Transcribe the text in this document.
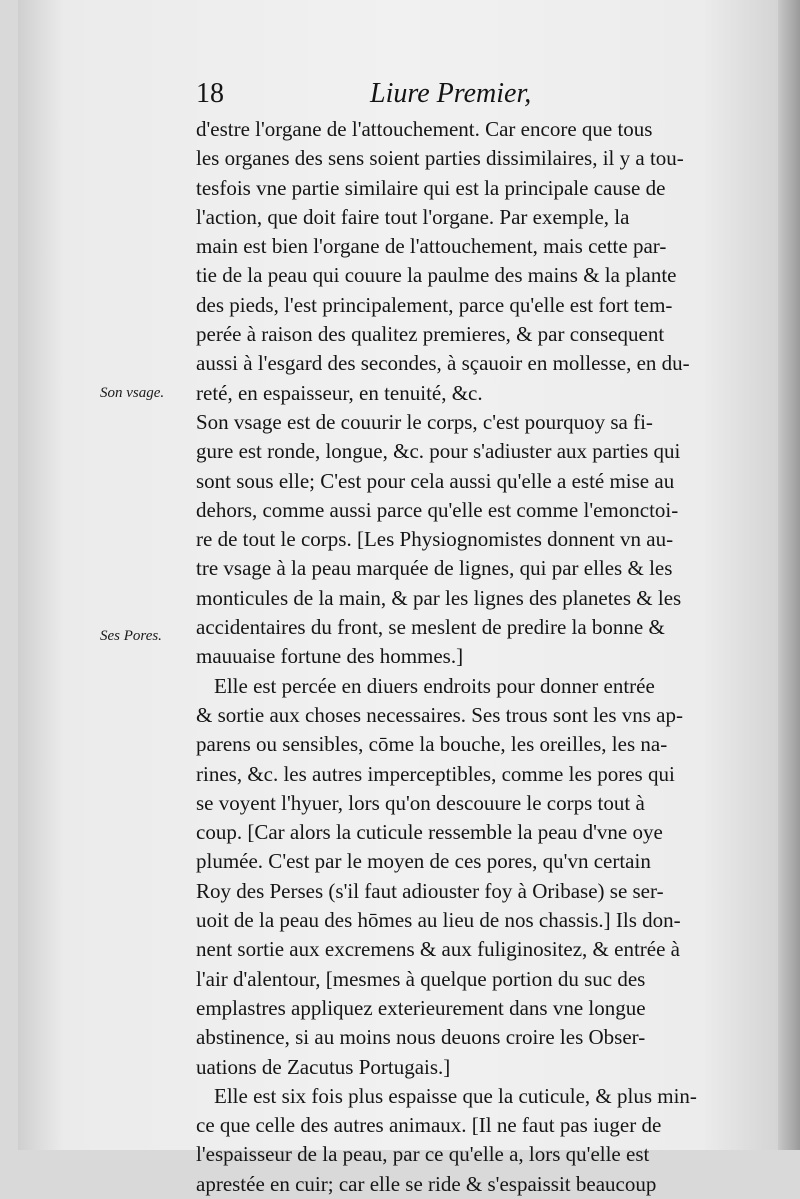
18	Liure Premier,
Son vsage.
Ses Pores.
d'estre l'organe de l'attouchement. Car encore que tous
les organes des sens soient parties dissimilaires, il y a tou-
tesfois vne partie similaire qui est la principale cause de
l'action, que doit faire tout l'organe. Par exemple, la
main est bien l'organe de l'attouchement, mais cette par-
tie de la peau qui couure la paulme des mains & la plante
des pieds, l'est principalement, parce qu'elle est fort tem-
perée à raison des qualitez premieres, & par consequent
aussi à l'esgard des secondes, à sçauoir en mollesse, en du-
reté, en espaisseur, en tenuité, &c.
Son vsage est de couurir le corps, c'est pourquoy sa fi-
gure est ronde, longue, &c. pour s'adiuster aux parties qui
sont sous elle; C'est pour cela aussi qu'elle a esté mise au
dehors, comme aussi parce qu'elle est comme l'emonctoi-
re de tout le corps. [Les Physiognomistes donnent vn au-
tre vsage à la peau marquée de lignes, qui par elles & les
monticules de la main, & par les lignes des planetes & les
accidentaires du front, se meslent de predire la bonne &
mauuaise fortune des hommes.]
Elle est percée en diuers endroits pour donner entrée
& sortie aux choses necessaires. Ses trous sont les vns ap-
parens ou sensibles, cōme la bouche, les oreilles, les na-
rines, &c. les autres imperceptibles, comme les pores qui
se voyent l'hyuer, lors qu'on descouure le corps tout à
coup. [Car alors la cuticule ressemble la peau d'vne oye
plumée. C'est par le moyen de ces pores, qu'vn certain
Roy des Perses (s'il faut adiouster foy à Oribase) se ser-
uoit de la peau des hōmes au lieu de nos chassis.] Ils don-
nent sortie aux excremens & aux fuliginositez, & entrée à
l'air d'alentour, [mesmes à quelque portion du suc des
emplastres appliquez exterieurement dans vne longue
abstinence, si au moins nous deuons croire les Obser-
uations de Zacutus Portugais.]
Elle est six fois plus espaisse que la cuticule, & plus min-
ce que celle des autres animaux. [Il ne faut pas iuger de
l'espaisseur de la peau, par ce qu'elle a, lors qu'elle est
aprestée en cuir; car elle se ride & s'espaissit beaucoup
